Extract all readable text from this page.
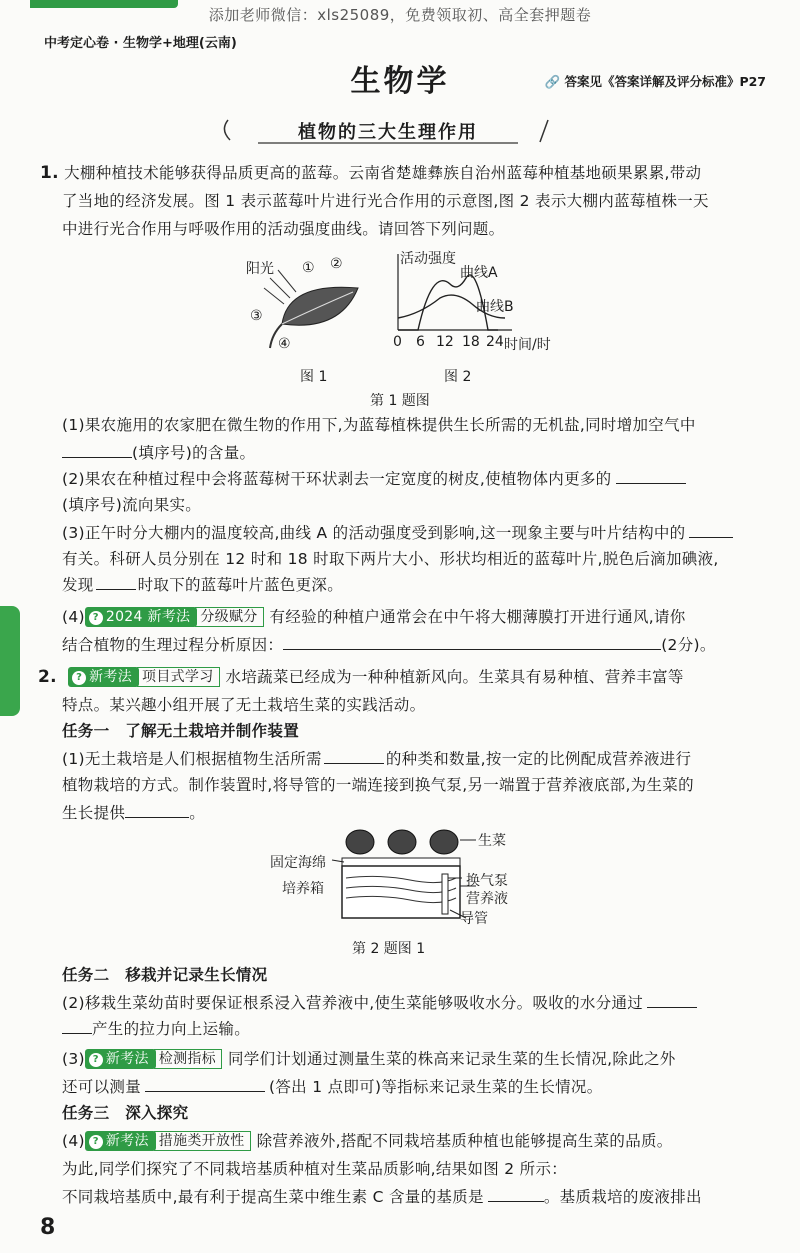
添加老师微信：xls25089，免费领取初、高全套押题卷
中考定心卷 · 生物学+地理(云南)
生物学	🔗 答案见《答案详解及评分标准》P27
植物的三大生理作用
1. 大棚种植技术能够获得品质更高的蓝莓。云南省楚雄彝族自治州蓝莓种植基地硕果累累,带动
了当地的经济发展。图 1 表示蓝莓叶片进行光合作用的示意图,图 2 表示大棚内蓝莓植株一天
中进行光合作用与呼吸作用的活动强度曲线。请回答下列问题。
阳光 ① ②
③
④
图 1
活动强度
曲线A
曲线B
0 6 12 18 24 时间/时
图 2
第 1 题图
(1)果农施用的农家肥在微生物的作用下,为蓝莓植株提供生长所需的无机盐,同时增加空气中
(填序号)的含量。
(2)果农在种植过程中会将蓝莓树干环状剥去一定宽度的树皮,使植物体内更多的
(填序号)流向果实。
(3)正午时分大棚内的温度较高,曲线 A 的活动强度受到影响,这一现象主要与叶片结构中的
有关。科研人员分别在 12 时和 18 时取下两片大小、形状均相近的蓝莓叶片,脱色后滴加碘液,
发现	时取下的蓝莓叶片蓝色更深。
(4) ? 2024 新考法 分级赋分 有经验的种植户通常会在中午将大棚薄膜打开进行通风,请你
结合植物的生理过程分析原因：	(2分)。
2. ? 新考法 项目式学习 水培蔬菜已经成为一种种植新风向。生菜具有易种植、营养丰富等
特点。某兴趣小组开展了无土栽培生菜的实践活动。
任务一　了解无土栽培并制作装置
(1)无土栽培是人们根据植物生活所需	的种类和数量,按一定的比例配成营养液进行
植物栽培的方式。制作装置时,将导管的一端连接到换气泵,另一端置于营养液底部,为生菜的
生长提供	。
生菜
固定海绵
培养箱	换气泵
营养液
导管
第 2 题图 1
任务二　移栽并记录生长情况
(2)移栽生菜幼苗时要保证根系浸入营养液中,使生菜能够吸收水分。吸收的水分通过
产生的拉力向上运输。
(3) ? 新考法 检测指标 同学们计划通过测量生菜的株高来记录生菜的生长情况,除此之外
还可以测量	(答出 1 点即可)等指标来记录生菜的生长情况。
任务三　深入探究
(4) ? 新考法 措施类开放性 除营养液外,搭配不同栽培基质种植也能够提高生菜的品质。
为此,同学们探究了不同栽培基质种植对生菜品质影响,结果如图 2 所示：
不同栽培基质中,最有利于提高生菜中维生素 C 含量的基质是	。基质栽培的废液排出
8
